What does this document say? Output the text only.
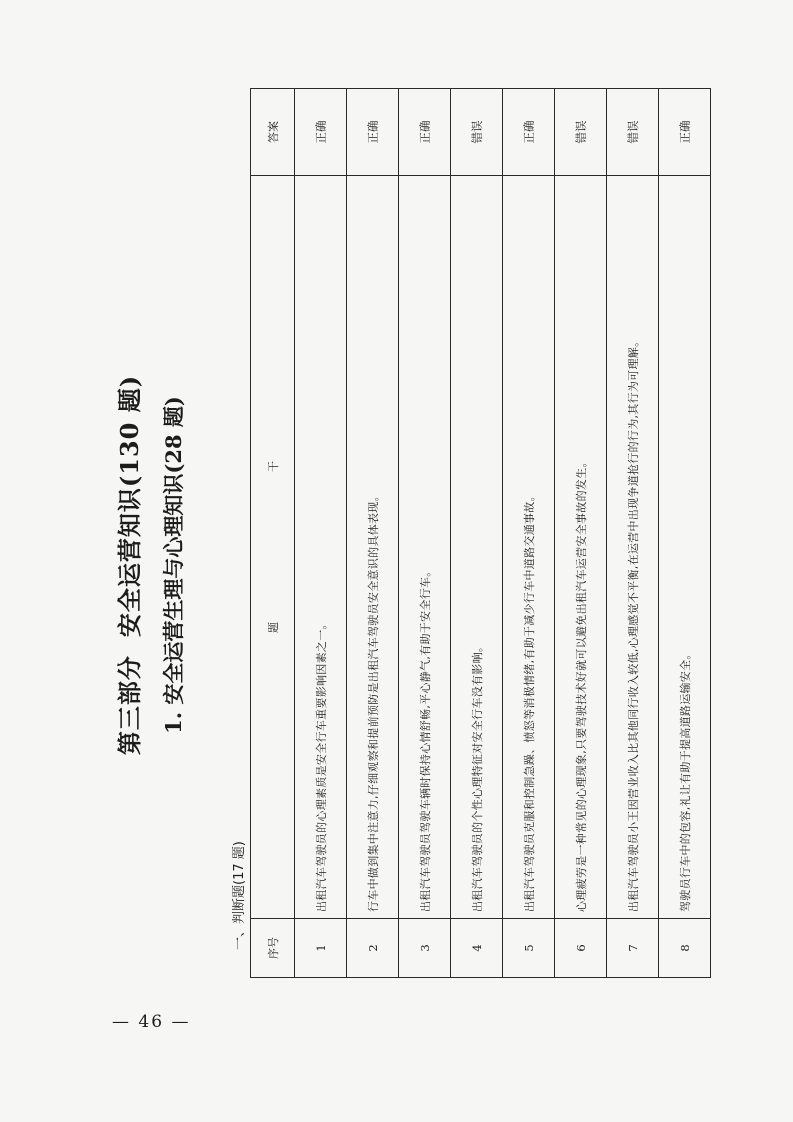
第三部分安全运营知识(130 题) 1. 安全运营生理与心理知识(28 题)
一、判断题(17 题) 序号	题干	答案
1	出租汽车驾驶员的心理素质是安全行车重要影响因素之一。	正确
2	行车中做到集中注意力,仔细观察和提前预防是出租汽车驾驶员安全意识的具体表现。	正确
3	出租汽车驾驶员驾驶车辆时保持心情舒畅,平心静气,有助于安全行车。	正确
4	出租汽车驾驶员的个性心理特征对安全行车没有影响。	错误
5	出租汽车驾驶员克服和控制急躁、愤怒等消极情绪,有助于减少行车中道路交通事故。	正确
6	心理疲劳是一种常见的心理现象,只要驾驶技术好就可以避免出租汽车运营安全事故的发生。	错误
7	出租汽车驾驶员小王因营业收入比其他同行收入较低,心理感觉不平衡,在运营中出现争道抢行的行为,其行为可理解。	错误
8	驾驶员行车中的包容,礼让有助于提高道路运输安全。	正确
— 46 —
